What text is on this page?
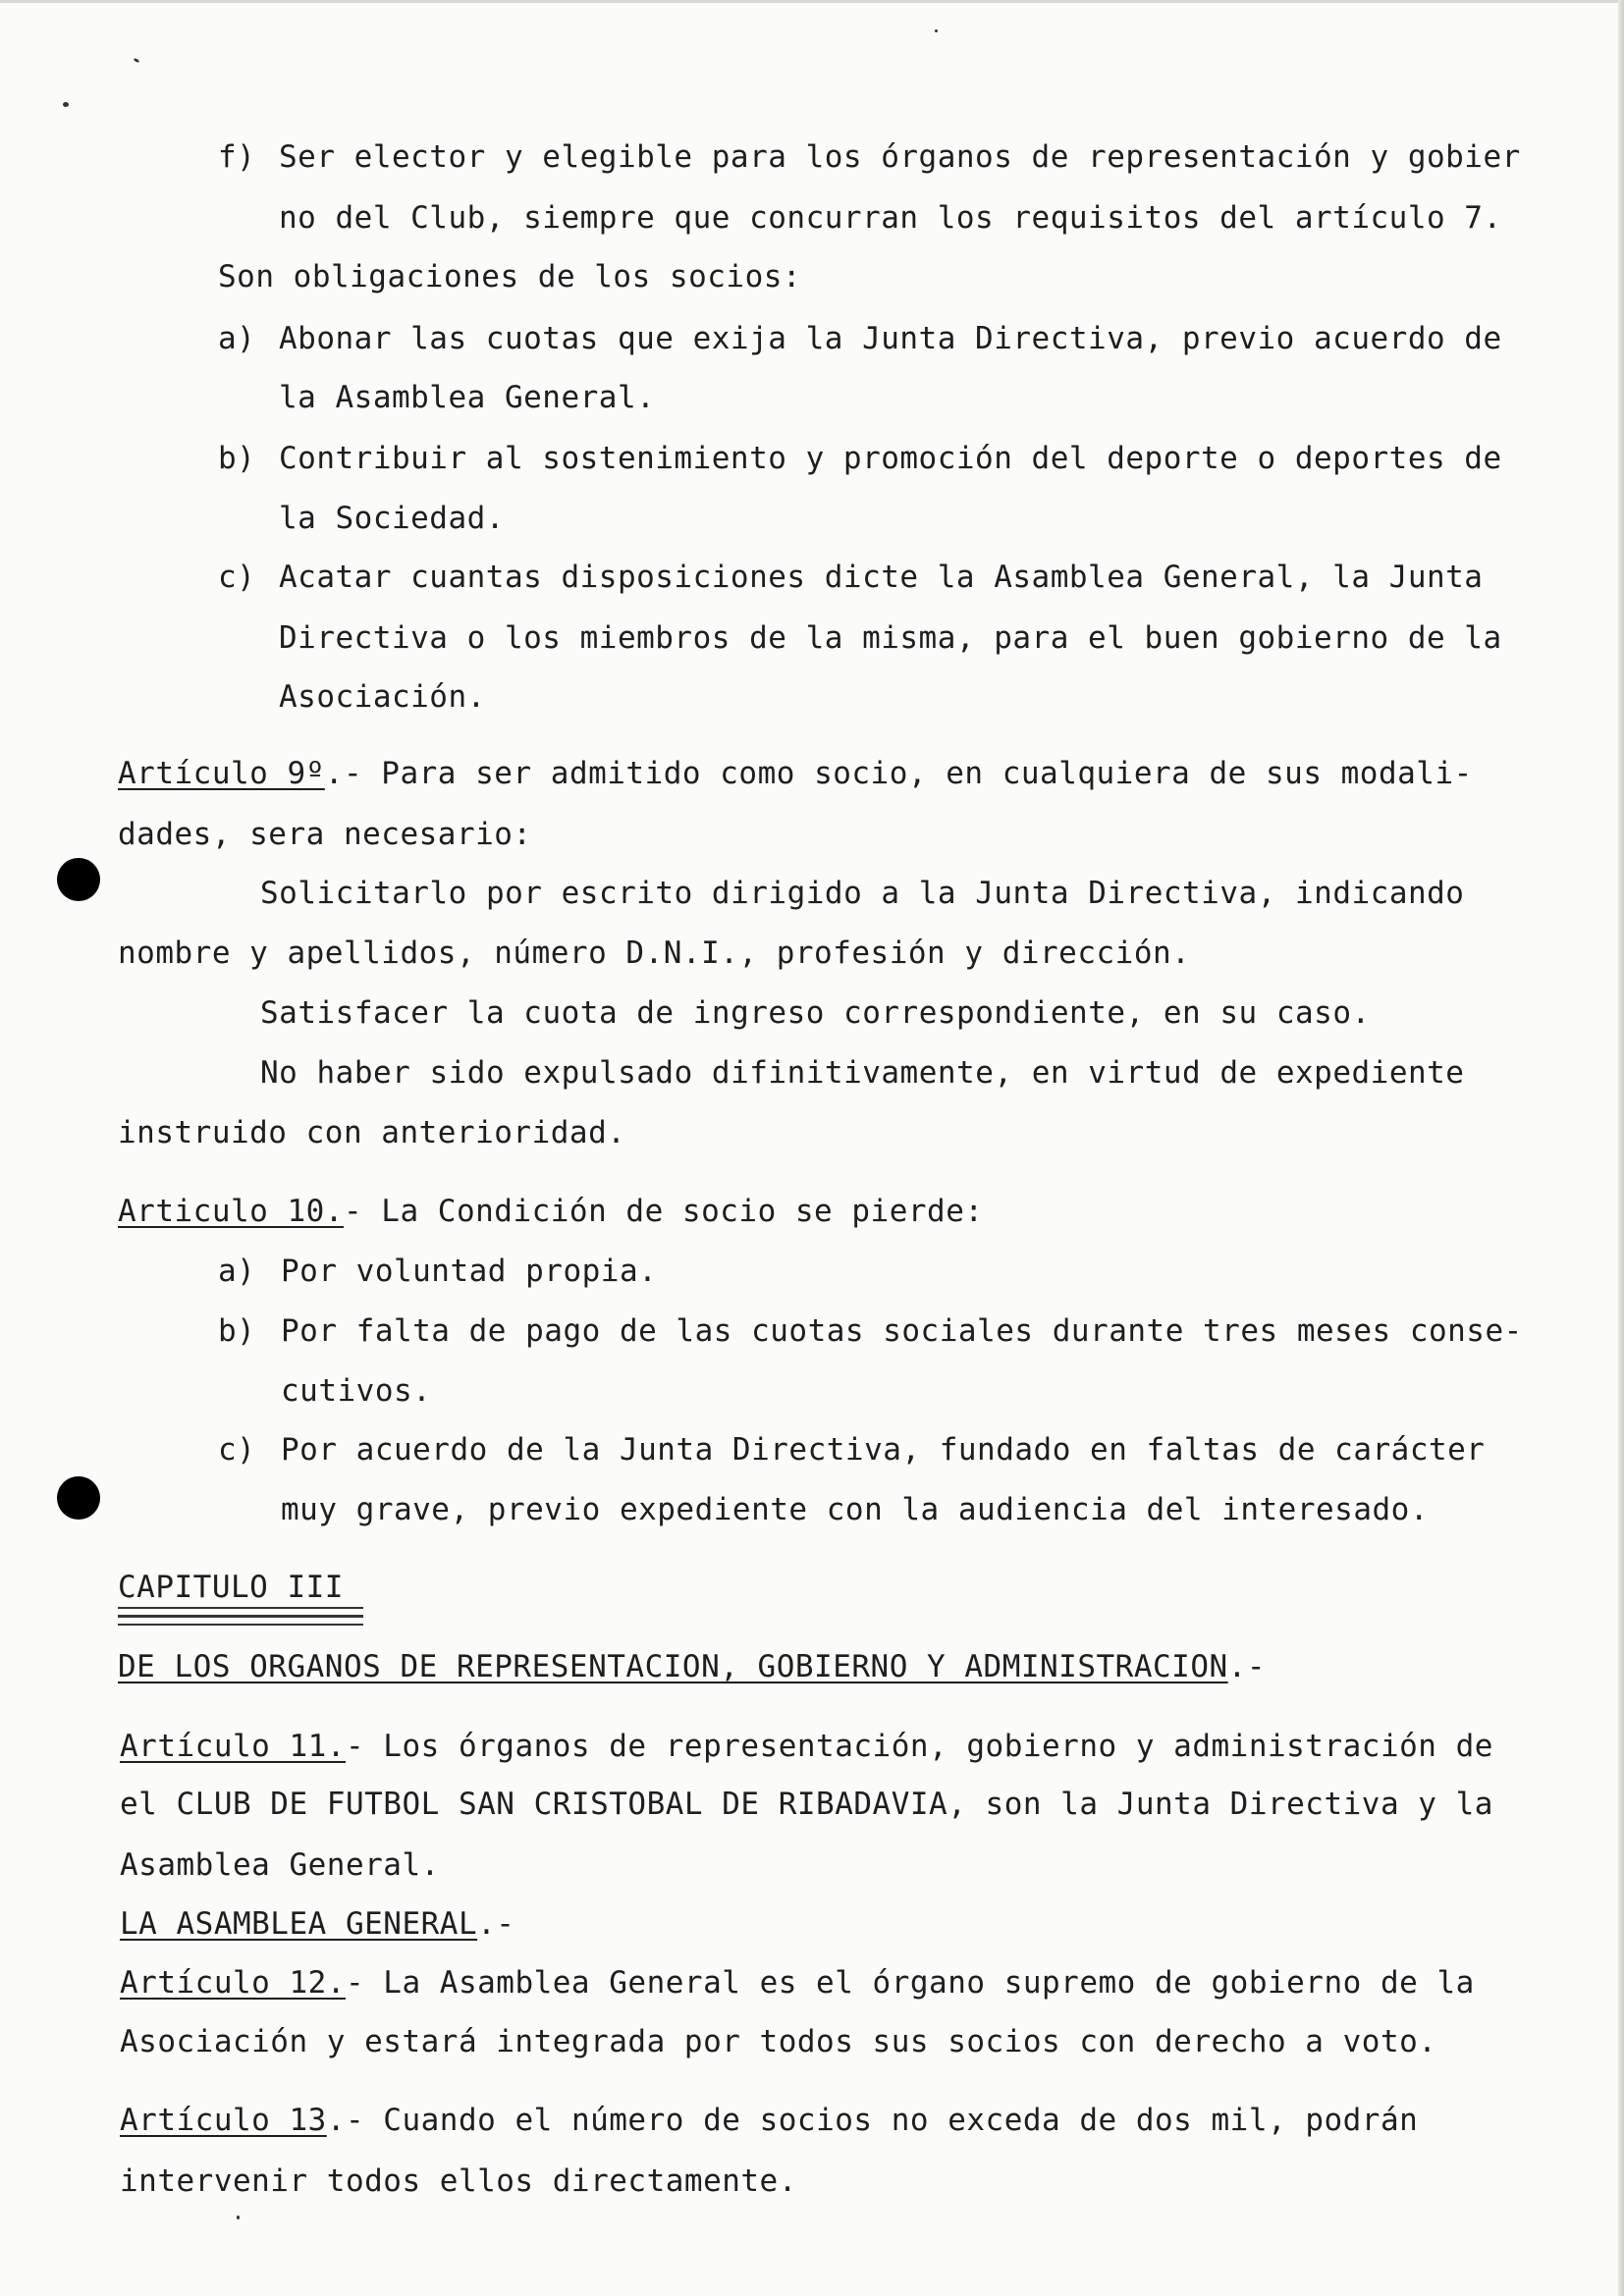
f) Ser elector y elegible para los órganos de representación y gobier
no del Club, siempre que concurran los requisitos del artículo 7.
Son obligaciones de los socios:
a) Abonar las cuotas que exija la Junta Directiva, previo acuerdo de
la Asamblea General.
b) Contribuir al sostenimiento y promoción del deporte o deportes de
la Sociedad.
c) Acatar cuantas disposiciones dicte la Asamblea General, la Junta
Directiva o los miembros de la misma, para el buen gobierno de la
Asociación.
Artículo 9º.- Para ser admitido como socio, en cualquiera de sus modali-
dades, sera necesario:
Solicitarlo por escrito dirigido a la Junta Directiva, indicando
nombre y apellidos, número D.N.I., profesión y dirección.
Satisfacer la cuota de ingreso correspondiente, en su caso.
No haber sido expulsado difinitivamente, en virtud de expediente
instruido con anterioridad.
Articulo 10.- La Condición de socio se pierde:
a) Por voluntad propia.
b) Por falta de pago de las cuotas sociales durante tres meses conse-
cutivos.
c) Por acuerdo de la Junta Directiva, fundado en faltas de carácter
muy grave, previo expediente con la audiencia del interesado.
CAPITULO III
DE LOS ORGANOS DE REPRESENTACION, GOBIERNO Y ADMINISTRACION.-
Artículo 11.- Los órganos de representación, gobierno y administración de
el CLUB DE FUTBOL SAN CRISTOBAL DE RIBADAVIA, son la Junta Directiva y la
Asamblea General.
LA ASAMBLEA GENERAL.-
Artículo 12.- La Asamblea General es el órgano supremo de gobierno de la
Asociación y estará integrada por todos sus socios con derecho a voto.
Artículo 13.- Cuando el número de socios no exceda de dos mil, podrán
intervenir todos ellos directamente.
